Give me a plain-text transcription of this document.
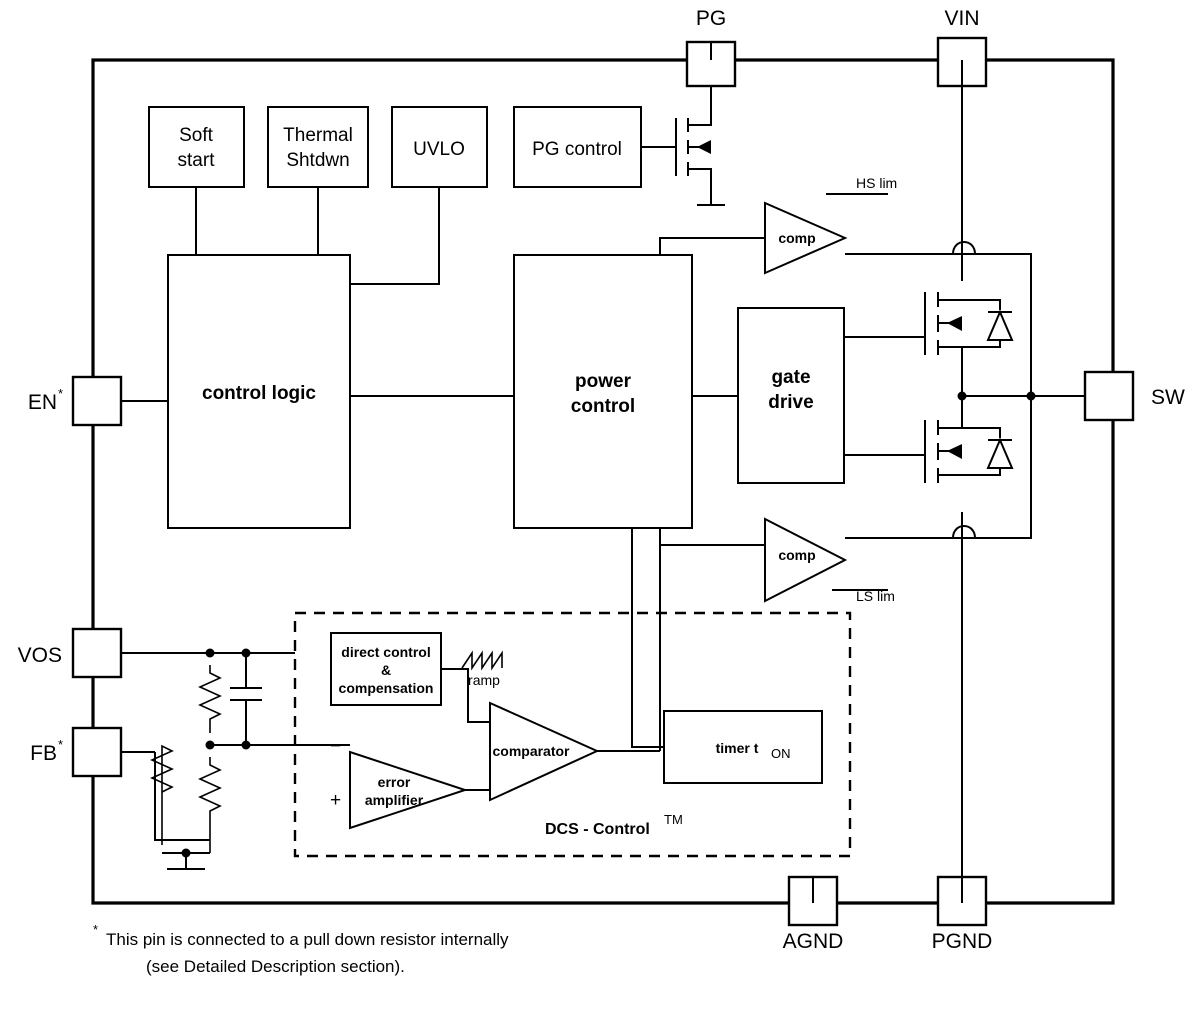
PG	VIN
EN *
VOS
FB *
SW
AGND	PGND
Soft
start
Thermal
Shtdwn
UVLO	PG control
control logic
power
control
gate
drive
comp
HS lim
comp
LS lim
DCS - Control
TM
direct control
&
compensation ramp
error
amplifier
−
+
comparator	timer t ON
*
This pin is connected to a pull down resistor internally
(see Detailed Description section).
